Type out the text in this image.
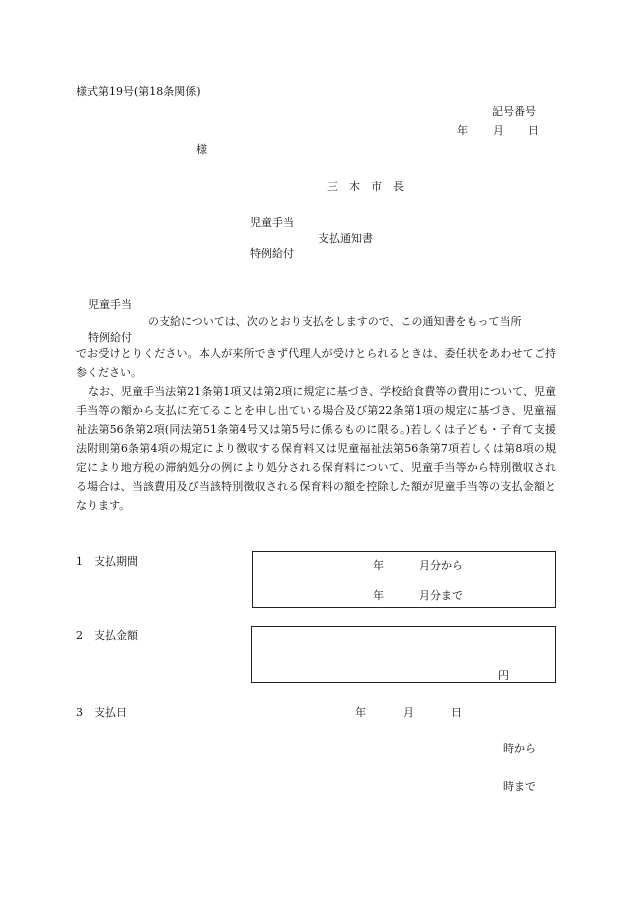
様式第19号(第18条関係)
記号番号
年 月 日
様
三　木　市　長
児童手当
支払通知書
特例給付
児童手当
の支給については、次のとおり支払をしますので、この通知書をもって当所
特例給付

でお受けとりください。本人が来所できず代理人が受けとられるときは、委任状をあわせてご持参ください。

なお、児童手当法第21条第1項又は第2項に規定に基づき、学校給食費等の費用について、児童手当等の額から支払に充てることを申し出ている場合及び第22条第1項の規定に基づき、児童福祉法第56条第2項(同法第51条第4号又は第5号に係るものに限る。)若しくは子ども・子育て支援法附則第6条第4項の規定により徴収する保育料又は児童福祉法第56条第7項若しくは第8項の規定により地方税の滞納処分の例により処分される保育料について、児童手当等から特別徴収される場合は、当該費用及び当該特別徴収される保育料の額を控除した額が児童手当等の支払金額となります。

1　支払期間	年	月分から
年	月分まで
2　支払金額
円
3　支払日	年	月	日
時から
時まで
